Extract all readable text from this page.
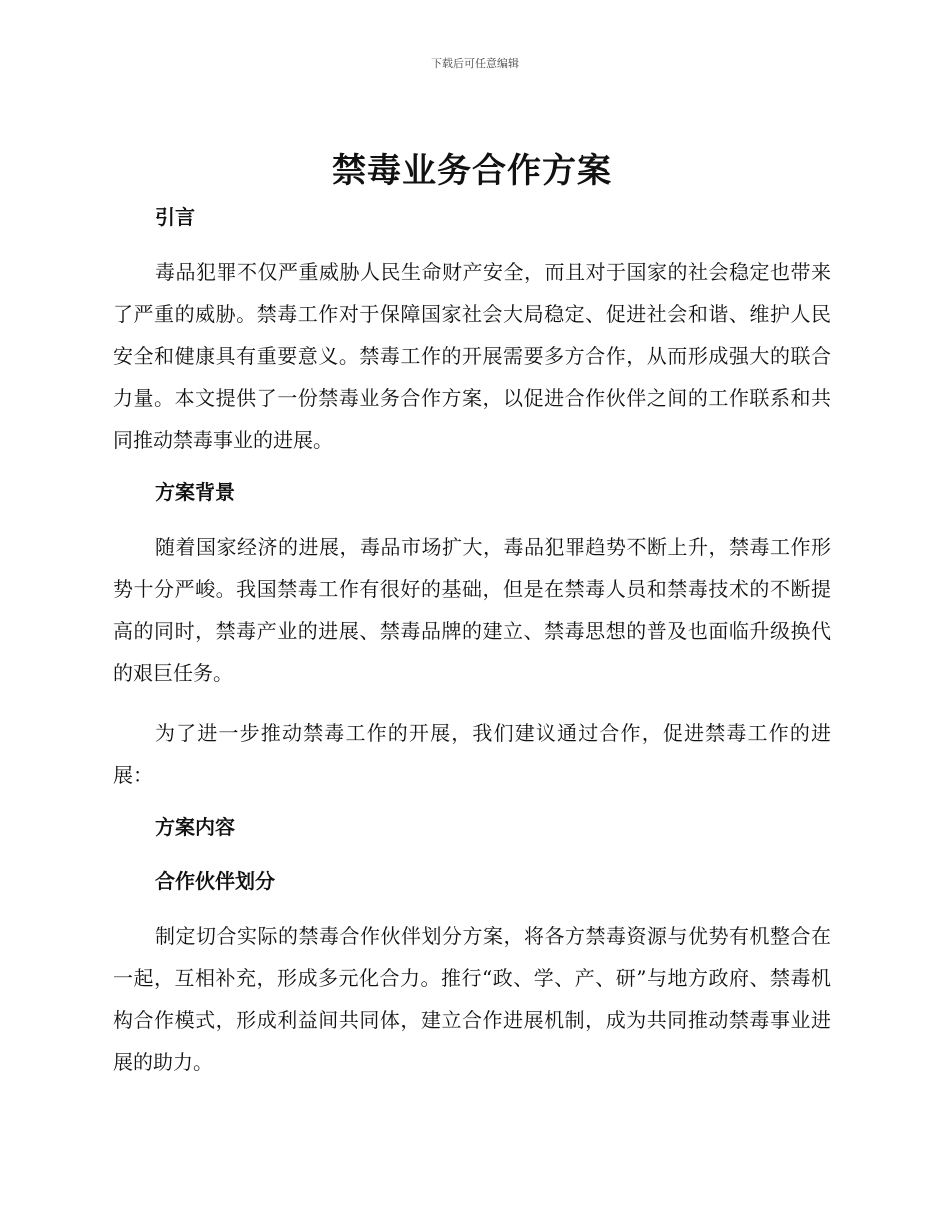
下载后可任意编辑
禁毒业务合作方案

引言

毒品犯罪不仅严重威胁人民生命财产安全，而且对于国家的社会稳定也带来了严重的威胁。禁毒工作对于保障国家社会大局稳定、促进社会和谐、维护人民安全和健康具有重要意义。禁毒工作的开展需要多方合作，从而形成强大的联合力量。本文提供了一份禁毒业务合作方案，以促进合作伙伴之间的工作联系和共同推动禁毒事业的进展。

方案背景

随着国家经济的进展，毒品市场扩大，毒品犯罪趋势不断上升，禁毒工作形势十分严峻。我国禁毒工作有很好的基础，但是在禁毒人员和禁毒技术的不断提高的同时，禁毒产业的进展、禁毒品牌的建立、禁毒思想的普及也面临升级换代的艰巨任务。

为了进一步推动禁毒工作的开展，我们建议通过合作，促进禁毒工作的进展：

方案内容

合作伙伴划分

制定切合实际的禁毒合作伙伴划分方案，将各方禁毒资源与优势有机整合在一起，互相补充，形成多元化合力。推行“政、学、产、研”与地方政府、禁毒机构合作模式，形成利益间共同体，建立合作进展机制，成为共同推动禁毒事业进展的助力。
